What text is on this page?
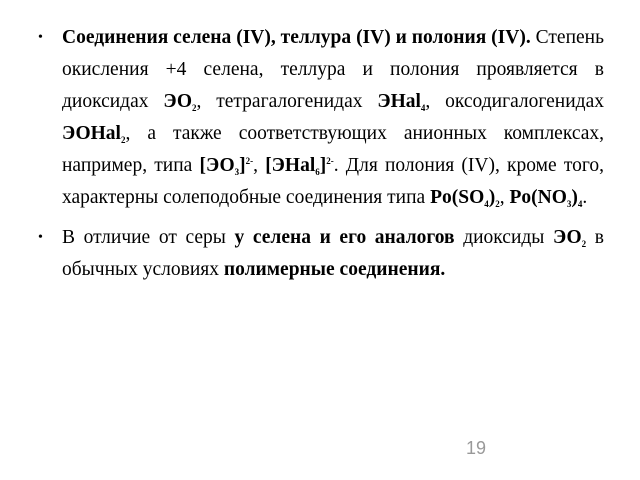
• Соединения селена (IV), теллура (IV) и полония (IV). Степень окисления +4 селена, теллура и полония проявляется в диоксидах $ЭО_2$, тетрагалогенидах ЭHal$_4$, оксодигалогенидах ЭОHal$_2$, а также соответствующих анионных комплексах, например, типа $[ЭО_3]^{2-}$, [ЭHal$_6$]$^{2-}$. Для полония (IV), кроме того, характерны солеподобные соединения типа $Po(SO_4)_2$, $Po(NO_3)_4$.
• В отличие от серы у селена и его аналогов диоксиды $ЭО_2$ в обычных условиях полимерные соединения.
19
